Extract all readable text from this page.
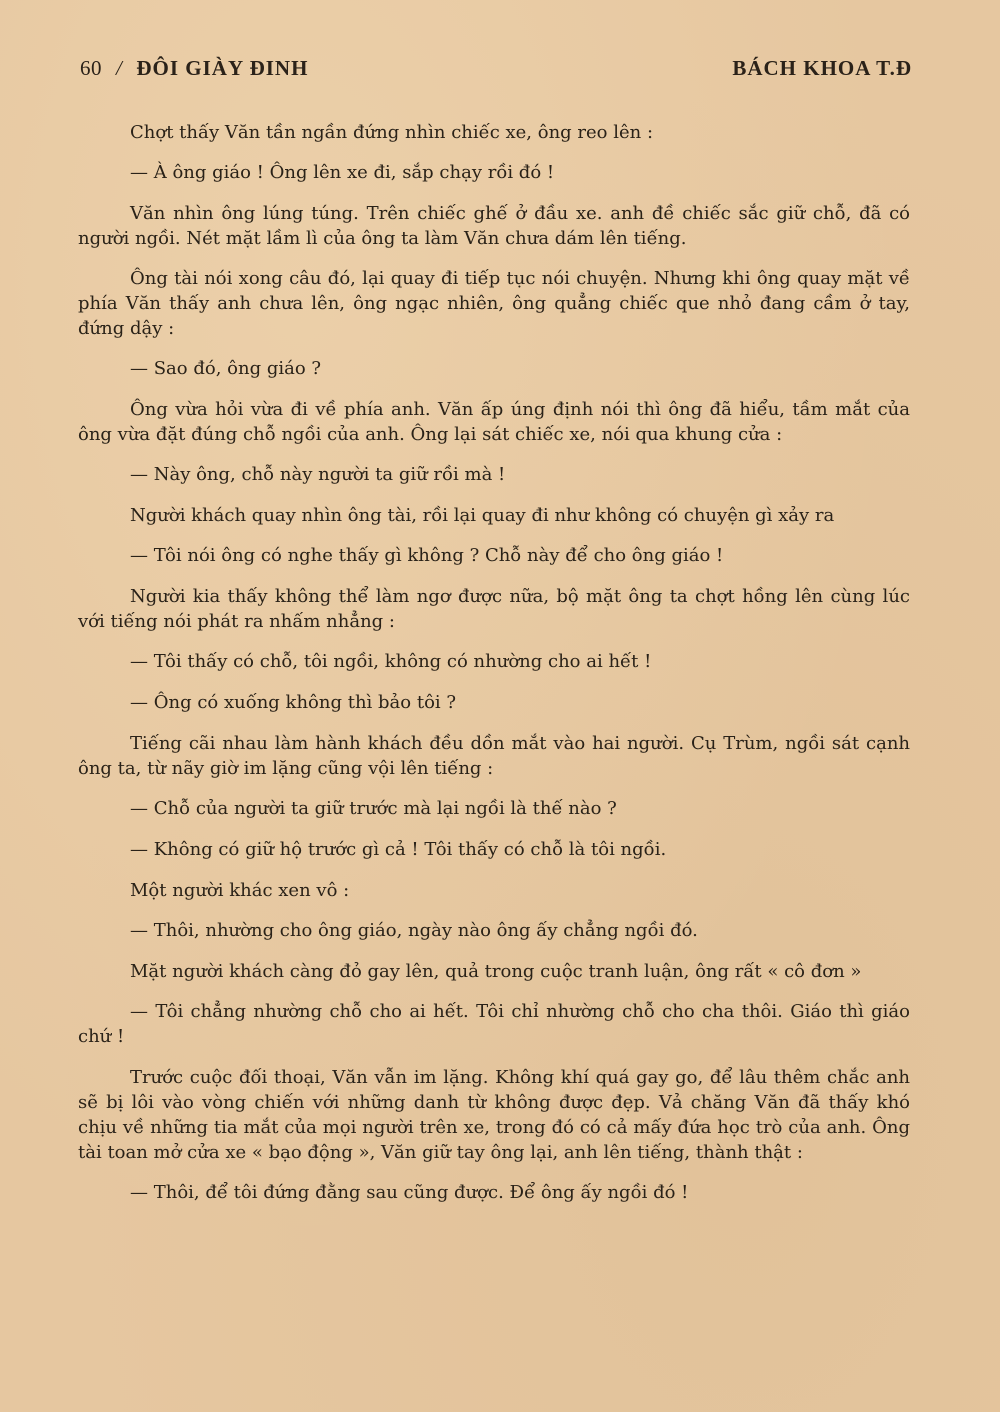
60 / ĐÔI GIÀY ĐINH	BÁCH KHOA T.Đ

Chợt thấy Văn tần ngần đứng nhìn chiếc xe, ông reo lên :

— À ông giáo ! Ông lên xe đi, sắp chạy rồi đó !

Văn nhìn ông lúng túng. Trên chiếc ghế ở đầu xe. anh đề chiếc sắc giữ chỗ, đã có người ngồi. Nét mặt lầm lì của ông ta làm Văn chưa dám lên tiếng.

Ông tài nói xong câu đó, lại quay đi tiếp tục nói chuyện. Nhưng khi ông quay mặt về phía Văn thấy anh chưa lên, ông ngạc nhiên, ông quẳng chiếc que nhỏ đang cầm ở tay, đứng dậy :

— Sao đó, ông giáo ?

Ông vừa hỏi vừa đi về phía anh. Văn ấp úng định nói thì ông đã hiểu, tầm mắt của ông vừa đặt đúng chỗ ngồi của anh. Ông lại sát chiếc xe, nói qua khung cửa :

— Này ông, chỗ này người ta giữ rồi mà !

Người khách quay nhìn ông tài, rồi lại quay đi như không có chuyện gì xảy ra

— Tôi nói ông có nghe thấy gì không ? Chỗ này để cho ông giáo !

Người kia thấy không thể làm ngơ được nữa, bộ mặt ông ta chợt hồng lên cùng lúc với tiếng nói phát ra nhấm nhẳng :

— Tôi thấy có chỗ, tôi ngồi, không có nhường cho ai hết !

— Ông có xuống không thì bảo tôi ?

Tiếng cãi nhau làm hành khách đều dồn mắt vào hai người. Cụ Trùm, ngồi sát cạnh ông ta, từ nãy giờ im lặng cũng vội lên tiếng :

— Chỗ của người ta giữ trước mà lại ngồi là thế nào ?

— Không có giữ hộ trước gì cả ! Tôi thấy có chỗ là tôi ngồi.

Một người khác xen vô :

— Thôi, nhường cho ông giáo, ngày nào ông ấy chẳng ngồi đó.

Mặt người khách càng đỏ gay lên, quả trong cuộc tranh luận, ông rất « cô đơn »

— Tôi chẳng nhường chỗ cho ai hết. Tôi chỉ nhường chỗ cho cha thôi. Giáo thì giáo chứ !

Trước cuộc đối thoại, Văn vẫn im lặng. Không khí quá gay go, để lâu thêm chắc anh sẽ bị lôi vào vòng chiến với những danh từ không được đẹp. Vả chăng Văn đã thấy khó chịu về những tia mắt của mọi người trên xe, trong đó có cả mấy đứa học trò của anh. Ông tài toan mở cửa xe « bạo động », Văn giữ tay ông lại, anh lên tiếng, thành thật :

— Thôi, để tôi đứng đằng sau cũng được. Để ông ấy ngồi đó !
